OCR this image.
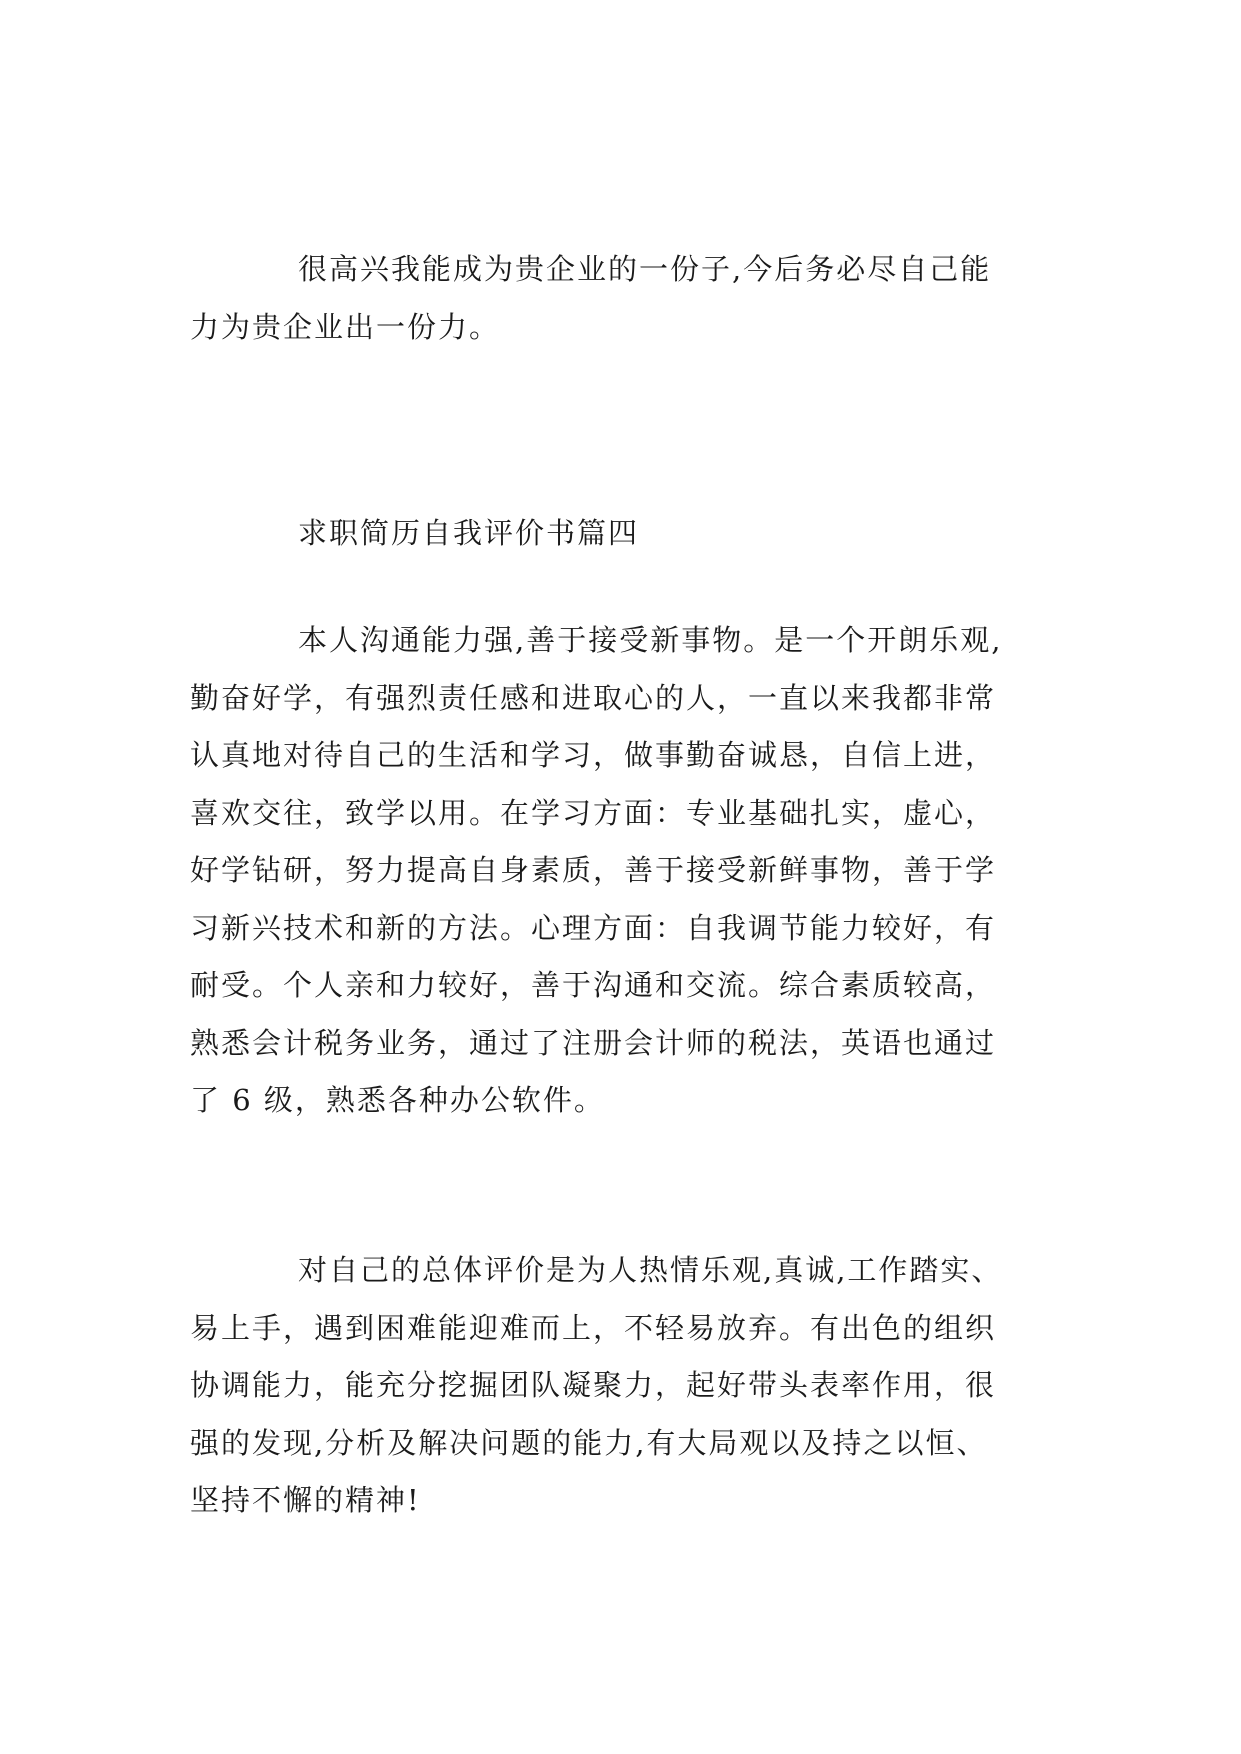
很高兴我能成为贵企业的一份子,今后务必尽自己能
力为贵企业出一份力。
求职简历自我评价书篇四
本人沟通能力强,善于接受新事物。是一个开朗乐观,
勤奋好学，有强烈责任感和进取心的人，一直以来我都非常
认真地对待自己的生活和学习，做事勤奋诚恳，自信上进，
喜欢交往，致学以用。在学习方面：专业基础扎实，虚心，
好学钻研，努力提高自身素质，善于接受新鲜事物，善于学
习新兴技术和新的方法。心理方面：自我调节能力较好，有
耐受。个人亲和力较好，善于沟通和交流。综合素质较高，
熟悉会计税务业务，通过了注册会计师的税法，英语也通过
了 6 级，熟悉各种办公软件。
对自己的总体评价是为人热情乐观,真诚,工作踏实、
易上手，遇到困难能迎难而上，不轻易放弃。有出色的组织
协调能力，能充分挖掘团队凝聚力，起好带头表率作用，很
强的发现,分析及解决问题的能力,有大局观以及持之以恒、
坚持不懈的精神!
